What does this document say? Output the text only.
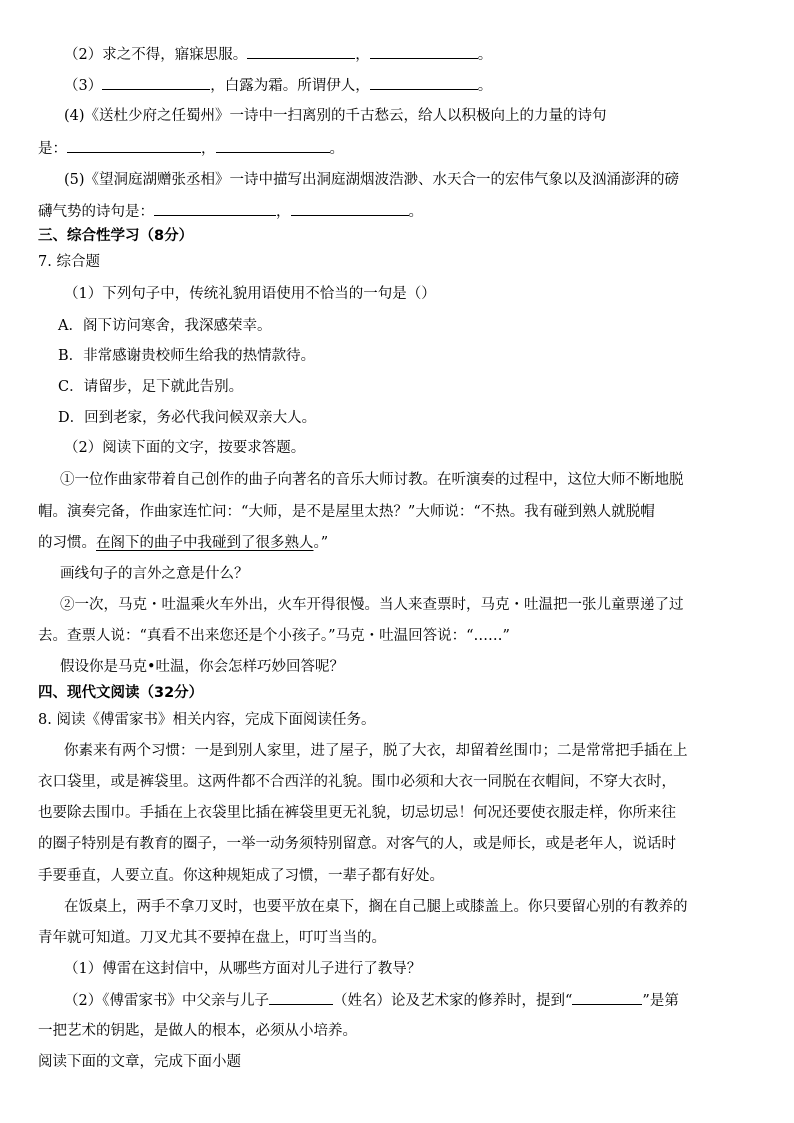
（2）求之不得，寤寐思服。	，	。
（3）	，白露为霜。所谓伊人，	。
(4)《送杜少府之任蜀州》一诗中一扫离别的千古愁云，给人以积极向上的力量的诗句
是：	，	。
(5)《望洞庭湖赠张丞相》一诗中描写出洞庭湖烟波浩渺、水天合一的宏伟气象以及汹涌澎湃的磅
礴气势的诗句是：	，	。
三、综合性学习（8分）
7. 综合题
（1）下列句子中，传统礼貌用语使用不恰当的一句是（）
A．阁下访问寒舍，我深感荣幸。
B．非常感谢贵校师生给我的热情款待。
C．请留步，足下就此告别。
D．回到老家，务必代我问候双亲大人。
（2）阅读下面的文字，按要求答题。
①一位作曲家带着自己创作的曲子向著名的音乐大师讨教。在听演奏的过程中，这位大师不断地脱
帽。演奏完备，作曲家连忙问：“大师，是不是屋里太热？”大师说：“不热。我有碰到熟人就脱帽
的习惯。在阁下的曲子中我碰到了很多熟人。”
画线句子的言外之意是什么？
②一次，马克・吐温乘火车外出，火车开得很慢。当人来查票时，马克・吐温把一张儿童票递了过
去。查票人说：“真看不出来您还是个小孩子。”马克・吐温回答说：“……”
假设你是马克•吐温，你会怎样巧妙回答呢？
四、现代文阅读（32分）
8. 阅读《傅雷家书》相关内容，完成下面阅读任务。
你素来有两个习惯：一是到别人家里，进了屋子，脱了大衣，却留着丝围巾；二是常常把手插在上
衣口袋里，或是裤袋里。这两件都不合西洋的礼貌。围巾必须和大衣一同脱在衣帽间，不穿大衣时，
也要除去围巾。手插在上衣袋里比插在裤袋里更无礼貌，切忌切忌！何况还要使衣服走样，你所来往
的圈子特别是有教育的圈子，一举一动务须特别留意。对客气的人，或是师长，或是老年人，说话时
手要垂直，人要立直。你这种规矩成了习惯，一辈子都有好处。
在饭桌上，两手不拿刀叉时，也要平放在桌下，搁在自己腿上或膝盖上。你只要留心别的有教养的
青年就可知道。刀叉尤其不要掉在盘上，叮叮当当的。
（1）傅雷在这封信中，从哪些方面对儿子进行了教导？
（2）《傅雷家书》中父亲与儿子	（姓名）论及艺术家的修养时，提到“	”是第
一把艺术的钥匙，是做人的根本，必须从小培养。
阅读下面的文章，完成下面小题
